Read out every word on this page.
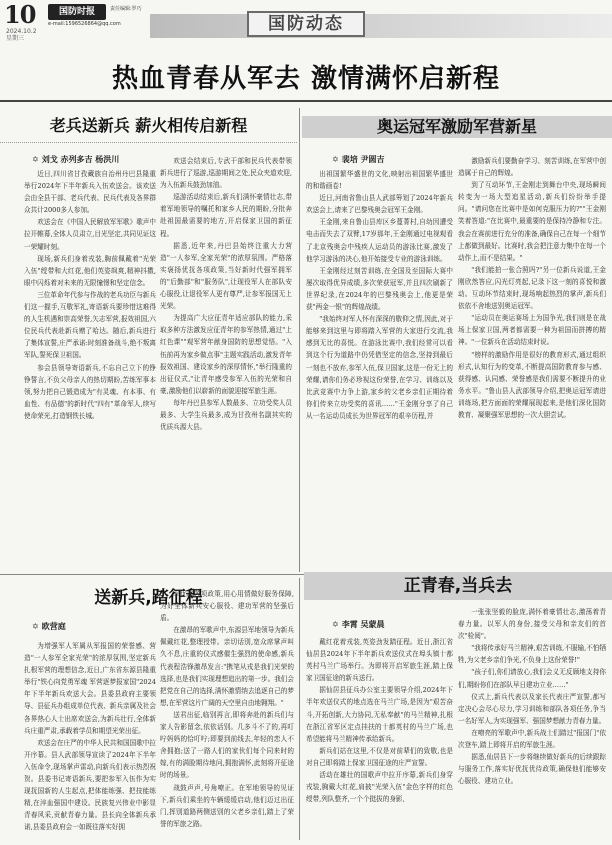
10
2024.10.2
星期三
国防时报	责任编辑:罗巧
e-mail:1596526864@qq.com	国防动态
热血青春从军去 激情满怀启新程
老兵送新兵 薪火相传启新程
✡ 刘戈 赤列多吉 杨洪川

近日,四川省甘孜藏族自治州丹巴县隆重举行2024年下半年新兵入伍欢送会。该欢送会由全县干部、老兵代表、民兵代表及各界群众共计2000多人参加。

欢送会在《中国人民解放军军歌》歌声中拉开帷幕,全体人员肃立,目光坚定,共同见证这一荣耀时刻。

现场,新兵们身着戎装,胸前佩戴着"光荣入伍"绶带和大红花,他们英姿飒爽,精神抖擞,眼中闪烁着对未来的无限憧憬和坚定信念。

三位革命年代参与作战的老兵功臣与新兵们这一握手,互敬军礼,寄语新兵要珍惜这难得的人生机遇和崇高荣誉,矢志军营,报效祖国,六位民兵代表赴新兵赠了哈达。随后,新兵进行了集体宣誓,庄严承诺:时刻准备战斗,绝不叛离军队,誓死保卫祖国。

参会县领导寄语新兵,不忘自己立下的铮铮誓言,不负父母亲人的热切期盼,苦练军事本领,努力把自己锻造成为"有灵魂、有本事、有血性、有品德"的新时代"四有"革命军人,续写使命荣光,打造钢铁长城。

欢送会结束后,专武干部和民兵代表带领新兵进行了巡游,巡游期间之处,民众夹道欢迎,为入伍新兵鼓劲加油。

巡游活动结束后,新兵们满怀豪情壮志,带着军地领导的嘱托和家乡人民的期盼,分批奔赴祖国最需要的地方,开启保家卫国的新征程。

据悉,近年来,丹巴县始终注重大力营造"一人参军,全家光荣"的浓厚氛围。严格落实褒扬优抚各项政策,当好新时代强军拥军的"后勤部"和"服务队",让现役军人在部队安心服役,让退役军人更有尊严,让参军报国无上光荣。

为提高广大应征青年适应部队的能力,采取多种方法激发应征青年的参军热情,通过"上红色课""观军营年献身国防的思想觉悟。"入伍前再为家乡做点事"主题实践活动,激发青年报效祖国、建设家乡的深厚情怀,"举行隆重的出征仪式,"让青年感受参军入伍的光荣和自豪,激励他们以崭新的面貌迎接军旅生涯。

每年丹巴县参军人数最多、立功受奖人员最多、大学生兵最多,成为甘孜州名副其实的优质兵源大县。

奥运冠军激励军营新星
✡ 裴培 尹圆吉

出祖国繁华盛世的文化,映射出祖国繁华盛世的和谐画卷!

近日,河南省鲁山县人武部筹划了2024年新兵欢送会上,请来了巴黎残奥会冠军王金刚。

王金刚,来自鲁山县库区乡蔓菁村,自幼因遭受电击而失去了双臂,17岁那年,王金刚通过电视观看了北京残奥会中残疾人运动员的游泳比赛,激发了他学习游泳的决心,他开始接受专业的游泳训练。

王金刚经过刻苦训练,在全国及至国际大赛中屡次取得优异成绩,多次荣获冠军,并且四次刷新了世界纪录,在2024年的巴黎残奥会上,他更是荣获"两金一银"的辉煌战绩。

"我始终对军人怀有深深的敬仰之情,因此,对于能够来到这里与即将踏入军营的大家进行交流,我感到无比的喜悦。在游泳比赛中,我们经常可以看到这个行为道路中仍凭借坚定的信念,坚持到最后一刻也不放弃,参军入伍,保卫国家,这是一份无上的荣耀,请你们务必珍视这份荣誉,在学习、训练以及比武竞赛中力争上游,家乡的父老乡亲们正期待着你们传来立功受奖的喜讯……"王金刚分享了自己从一名运动员成长为世界冠军的艰辛历程,并

激励新兵们要勤奋学习、刻苦训练,在军营中创造属于自己的辉煌。

到了互动环节,王金刚走到舞台中央,现场瞬间转变为一场大型追星活动,新兵们纷纷举手提问。"请问您在比赛中是如何克服压力的?""王金刚笑着答道:"在比赛中,最重要的是保持冷静和专注。我会在赛前进行充分的准备,确保自己在每一个细节上都做到最好。比赛时,我会把注意力集中在每一个动作上,而不是结果。"

"我们能拍一张合照吗?"另一位新兵说道,王金刚欣然答应,闪光灯亮起,记录下这一刻的喜悦和激动。互动环节结束时,现场响起热烈的掌声,新兵们依依不舍地送别奥运冠军。

"运动员在奥运赛场上为国争光,我们则是在战场上保家卫国,两者都需要一种为祖国而拼搏的精神。"一位新兵在活动结束时说。

"榜样的激励作用是很好的教育形式,通过组织形式,认知行为的变革,不断提高国防教育参与感、获得感、认同感、荣誉感是我们需要不断提升的业务水平。"鲁山县人武部领导介绍,把奥运冠军请进训练场,把方面面的荣耀展现起来,是他们深化国防教育、凝聚强军思想的一次大胆尝试。

送新兵,踏征程
✡ 欧营庭

为增强军人军属从军报国的荣誉感、营造"一人参军全家光荣"的浓厚氛围,坚定新兵扎根军营的理想信念,近日,广东省东源县隆重举行"铁心向党勇军魂 军营逐梦报家国"2024年下半年新兵欢送大会。县委县政府主要领导、县征兵办组成单位代表、新兵亲属及社会各界热心人士出席欢送会,为新兵壮行,全体新兵庄重严肃,承载着学员和期望光荣出征。

欢送会在庄严的中华人民共和国国歌中拉开序幕。县人武部领导宣读了2024年下半年入伍命令,现场掌声雷动,向新兵们表示热烈祝贺。县委书记寄语新兵,要把参军入伍作为实现抚国新的人生起点,把体能练强、把技能练精,在淬血强国中建设。民族复兴伟业中影显青春风采,贡献青春力量。县长向全体新兵承诺,县委县政府会一如既往落实好拥

军优属各项政策,用心用情做好服务保障,为好全体新兵安心服役、建功军营的坚强后盾。

在激昂的军歌声中,东源县军地领导为新兵佩戴红花,整理授带。亲切话别,宽众席掌声叫久不息,庄重的仪式感催生强烈的使命感,新兵代表程浩锋激昂发言:"携笔从戎是我们光荣的选择,也是我们实现理想追出的第一步。我们会把党在自己的选择,满怀激情纳去追逐自己的梦想,在军营这片广阔的天空里自由地翱翔。"

送君出征,临别再言,即将奔赴的新兵们与家人告影留念,依依话别。几多斗不了的,再叮咛妈妈的恰叮咛;即要到前线去,年轻的恋人不舍拥抱;送了一路人们的家伙们每个同来时的嫁,有的满脸期待地问,拥抱满怀,此刻将开征途时的场景。

战鼓声声,号角嘹正。在军地领导的见证下,新兵们乘坐的车辆缓缓启动,他们迈过出征门,挥别道路两侧送别的父老乡亲们,踏上了荣誉的军旅之路。

正青春,当兵去
✡ 李霄 吴蒙晨

戴红花着戎装,英姿劲发踏征程。近日,浙江省仙居县2024年下半年新兵欢送仪式在埠头镇十都英村马兰广场举行。为即将开启军旅生涯,踏上保家卫国征途的新兵送行。

据仙居县征兵办公室主要领导介绍,2024年下半年欢送仪式的地点选在马兰广场,是因为"艰苦奋斗,开拓创新,大力协同,无私奉献"的马兰精神,扎根在浙江省军区定点挂扶的十都英村的马兰广场,也希望能将马兰精神传承给新兵。

新兵们站在这里,不仅是对前辈们的致敬,也是对自己即将踏上保家卫国征途的庄严宣誓。

活动在雄壮的国歌声中拉开序幕,新兵们身穿戎装,胸戴大红花,肩披"光荣入伍"金色字样的红色绶带,列队整齐,一个个挺拔的身影,

一张张坚毅的脸庞,满怀着豪情壮志,激荡着青春力量。以军人的身份,接受父母和亲友们的首次"检阅"。

"我将传承好马兰精神,艰苦训练,不服输,不怕牺牲,为父老乡亲们争光,不负身上这份荣誉!"

"孩子们,你们请放心,我们会义无反顾地支持你们,期盼你们在部队早日建功立业……"

仪式上,新兵代表以及家长代表庄严宣誓,都写定决心会尽心尽力,学习训练和部队各项任务,争当一名好军人,为实现强军、强国梦想献力青春力量。

在嘹亮的军歌声中,新兵战士们踏过"报国门"依次登车,踏上即将开启的军旅生涯。

据悉,仙居县下一步将继续做好新兵的后续跟踪与服务工作,落实好优抚优待政策,确保他们能够安心服役、建功立业。
